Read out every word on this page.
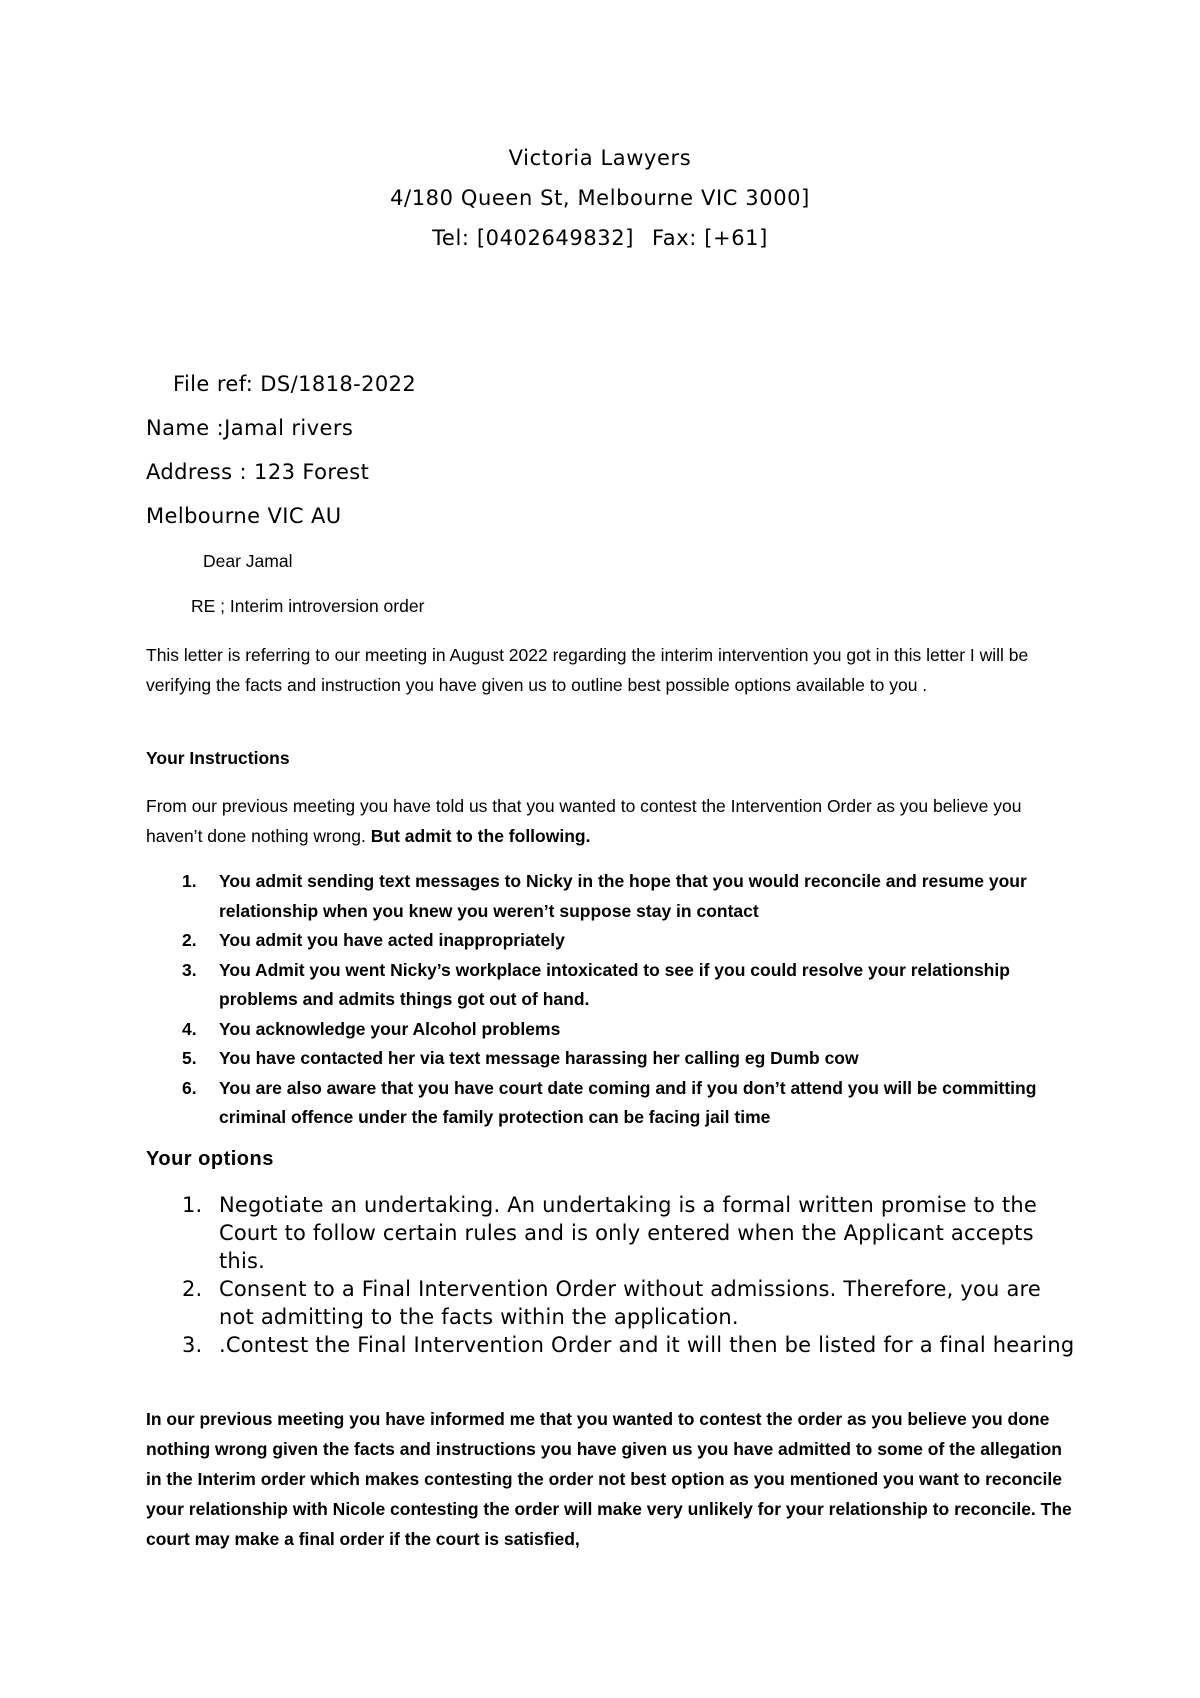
Victoria Lawyers
4/180 Queen St, Melbourne VIC 3000]
Tel: [0402649832] Fax: [+61]
File ref: DS/1818-2022
Name :Jamal rivers
Address : 123 Forest
Melbourne VIC AU
Dear Jamal
RE ; Interim introversion order
This letter is referring to our meeting in August 2022 regarding the interim intervention you got in this letter I will be verifying the facts and instruction you have given us to outline best possible options available to you .
Your Instructions
From our previous meeting you have told us that you wanted to contest the Intervention Order as you believe you haven’t done nothing wrong. But admit to the following.
1. You admit sending text messages to Nicky in the hope that you would reconcile and resume your relationship when you knew you weren’t suppose stay in contact
2. You admit you have acted inappropriately
3. You Admit you went Nicky’s workplace intoxicated to see if you could resolve your relationship problems and admits things got out of hand.
4. You acknowledge your Alcohol problems
5. You have contacted her via text message harassing her calling eg Dumb cow
6. You are also aware that you have court date coming and if you don’t attend you will be committing criminal offence under the family protection can be facing jail time
Your options
1. Negotiate an undertaking. An undertaking is a formal written promise to the Court to follow certain rules and is only entered when the Applicant accepts this.
2. Consent to a Final Intervention Order without admissions. Therefore, you are not admitting to the facts within the application.
3. .Contest the Final Intervention Order and it will then be listed for a final hearing
In our previous meeting you have informed me that you wanted to contest the order as you believe you done nothing wrong given the facts and instructions you have given us you have admitted to some of the allegation in the Interim order which makes contesting the order not best option as you mentioned you want to reconcile your relationship with Nicole contesting the order will make very unlikely for your relationship to reconcile. The court may make a final order if the court is satisfied,
